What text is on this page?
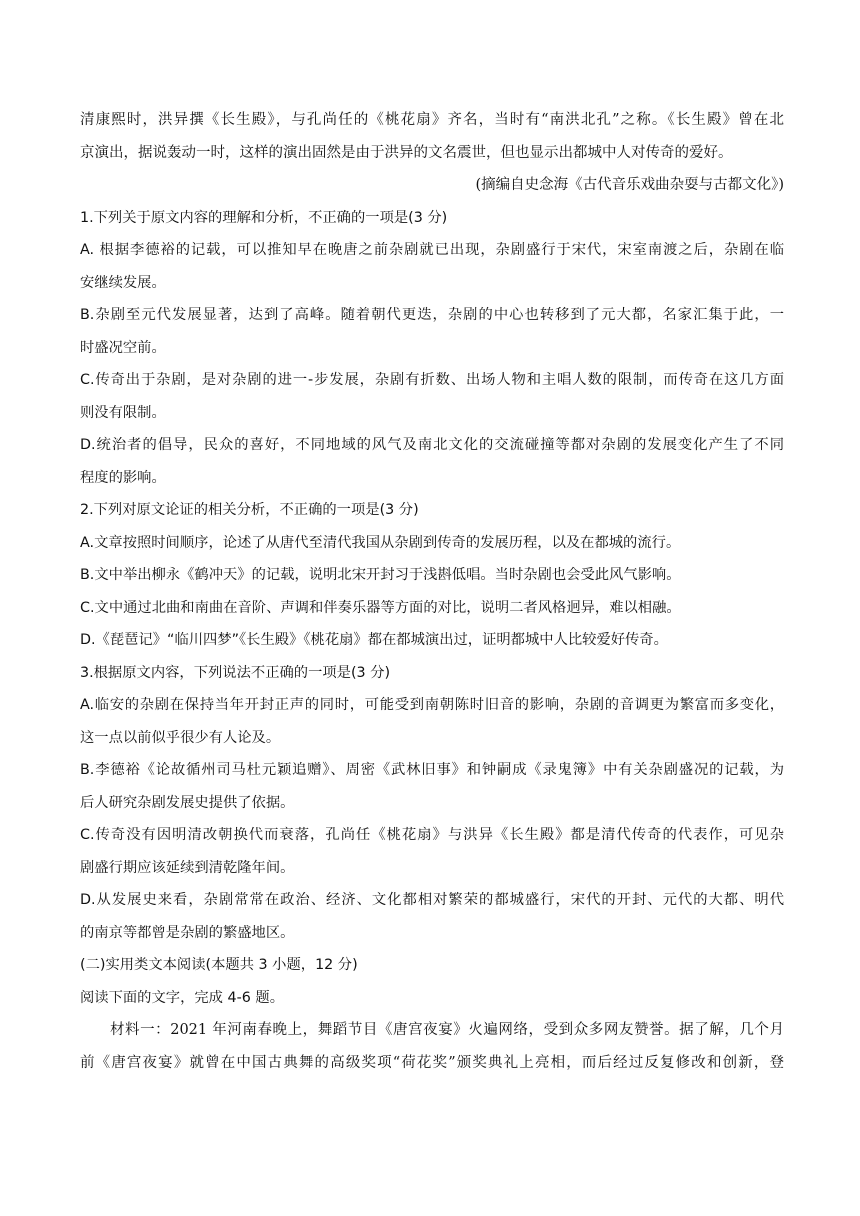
清康熙时，洪异撰《长生殿》，与孔尚任的《桃花扇》齐名，当时有“南洪北孔”之称。《长生殿》曾在北
京演出，据说轰动一时，这样的演出固然是由于洪异的文名震世，但也显示出都城中人对传奇的爱好。
(摘编自史念海《古代音乐戏曲杂耍与古都文化》)
1.下列关于原文内容的理解和分析，不正确的一项是(3 分)
A. 根据李德裕的记载，可以推知早在晚唐之前杂剧就已出现，杂剧盛行于宋代，宋室南渡之后，杂剧在临
安继续发展。
B.杂剧至元代发展显著，达到了高峰。随着朝代更迭，杂剧的中心也转移到了元大都，名家汇集于此，一
时盛况空前。
C.传奇出于杂剧，是对杂剧的进一-步发展，杂剧有折数、出场人物和主唱人数的限制，而传奇在这几方面
则没有限制。
D.统治者的倡导，民众的喜好，不同地域的风气及南北文化的交流碰撞等都对杂剧的发展变化产生了不同
程度的影响。
2.下列对原文论证的相关分析，不正确的一项是(3 分)
A.文章按照时间顺序，论述了从唐代至清代我国从杂剧到传奇的发展历程，以及在都城的流行。
B.文中举出柳永《鹤冲天》的记载，说明北宋开封习于浅斟低唱。当时杂剧也会受此风气影响。
C.文中通过北曲和南曲在音阶、声调和伴奏乐器等方面的对比，说明二者风格迥异，难以相融。
D.《琵琶记》“临川四梦”《长生殿》《桃花扇》都在都城演出过，证明都城中人比较爱好传奇。
3.根据原文内容，下列说法不正确的一项是(3 分)
A.临安的杂剧在保持当年开封正声的同时，可能受到南朝陈时旧音的影响，杂剧的音调更为繁富而多变化，
这一点以前似乎很少有人论及。
B.李德裕《论故循州司马杜元颖追赠》、周密《武林旧事》和钟嗣成《录鬼簿》中有关杂剧盛况的记载，为
后人研究杂剧发展史提供了依据。
C.传奇没有因明清改朝换代而衰落，孔尚任《桃花扇》与洪异《长生殿》都是清代传奇的代表作，可见杂
剧盛行期应该延续到清乾隆年间。
D.从发展史来看，杂剧常常在政治、经济、文化都相对繁荣的都城盛行，宋代的开封、元代的大都、明代
的南京等都曾是杂剧的繁盛地区。
(二)实用类文本阅读(本题共 3 小题，12 分)
阅读下面的文字，完成 4-6 题。
材料一：2021 年河南春晚上，舞蹈节目《唐宫夜宴》火遍网络，受到众多网友赞誉。据了解，几个月
前《唐宫夜宴》就曾在中国古典舞的高级奖项“荷花奖”颁奖典礼上亮相，而后经过反复修改和创新，登
